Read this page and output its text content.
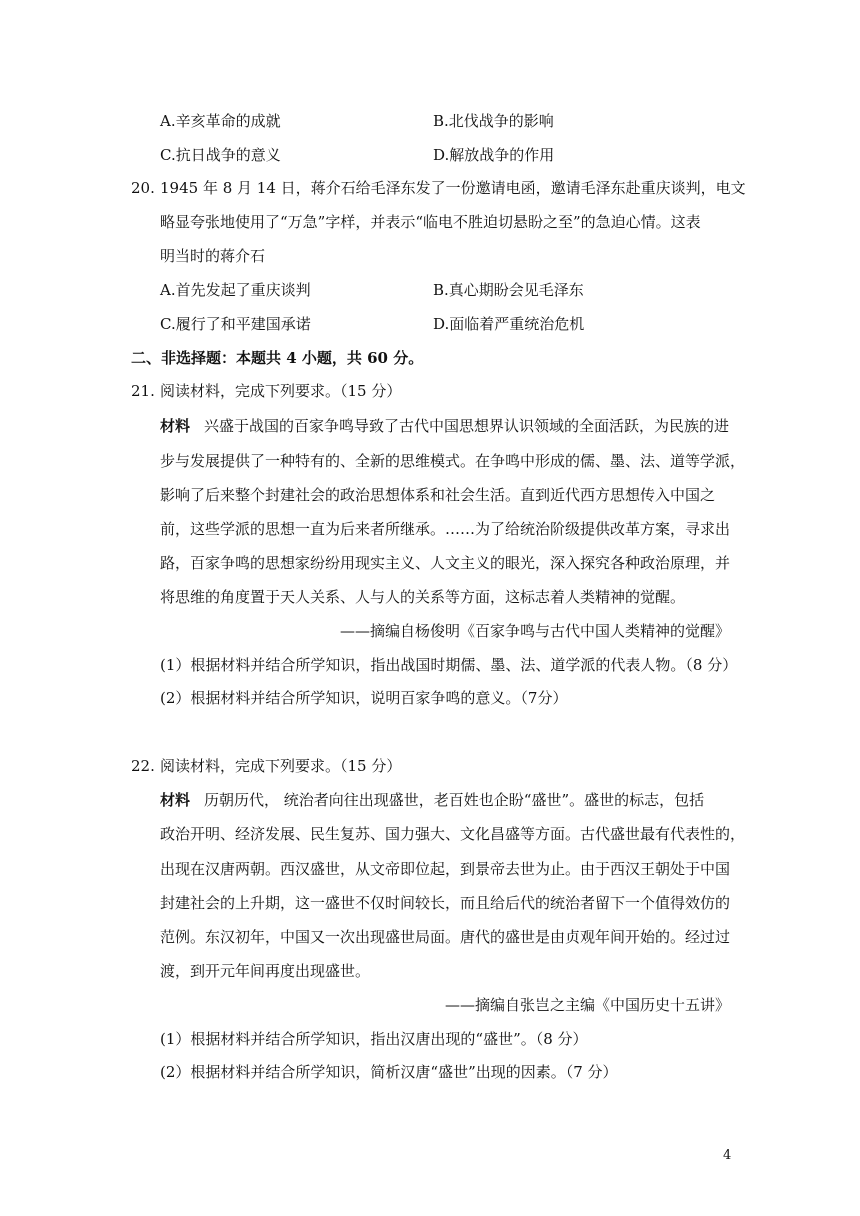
A.辛亥革命的成就	B.北伐战争的影响
C.抗日战争的意义	D.解放战争的作用
20. 1945 年 8 月 14 日，蒋介石给毛泽东发了一份邀请电函，邀请毛泽东赴重庆谈判，电文
略显夸张地使用了“万急”字样，并表示“临电不胜迫切悬盼之至”的急迫心情。这表
明当时的蒋介石
A.首先发起了重庆谈判	B.真心期盼会见毛泽东
C.履行了和平建国承诺	D.面临着严重统治危机
二、非选择题：本题共 4 小题，共 60 分。
21. 阅读材料，完成下列要求。（15 分）
材料 兴盛于战国的百家争鸣导致了古代中国思想界认识领域的全面活跃，为民族的进
步与发展提供了一种特有的、全新的思维模式。在争鸣中形成的儒、墨、法、道等学派，
影响了后来整个封建社会的政治思想体系和社会生活。直到近代西方思想传入中国之
前，这些学派的思想一直为后来者所继承。……为了给统治阶级提供改革方案，寻求出
路，百家争鸣的思想家纷纷用现实主义、人文主义的眼光，深入探究各种政治原理，并
将思维的角度置于天人关系、人与人的关系等方面，这标志着人类精神的觉醒。
——摘编自杨俊明《百家争鸣与古代中国人类精神的觉醒》
(1）根据材料并结合所学知识，指出战国时期儒、墨、法、道学派的代表人物。（8 分）
(2）根据材料并结合所学知识，说明百家争鸣的意义。（7分）
22. 阅读材料，完成下列要求。（15 分）
材料 历朝历代， 统治者向往出现盛世，老百姓也企盼“盛世”。盛世的标志，包括
政治开明、经济发展、民生复苏、国力强大、文化昌盛等方面。古代盛世最有代表性的，
出现在汉唐两朝。西汉盛世，从文帝即位起，到景帝去世为止。由于西汉王朝处于中国
封建社会的上升期，这一盛世不仅时间较长，而且给后代的统治者留下一个值得效仿的
范例。东汉初年，中国又一次出现盛世局面。唐代的盛世是由贞观年间开始的。经过过
渡，到开元年间再度出现盛世。
——摘编自张岂之主编《中国历史十五讲》
(1）根据材料并结合所学知识，指出汉唐出现的“盛世”。（8 分）
(2）根据材料并结合所学知识，简析汉唐“盛世”出现的因素。（7 分）
4
